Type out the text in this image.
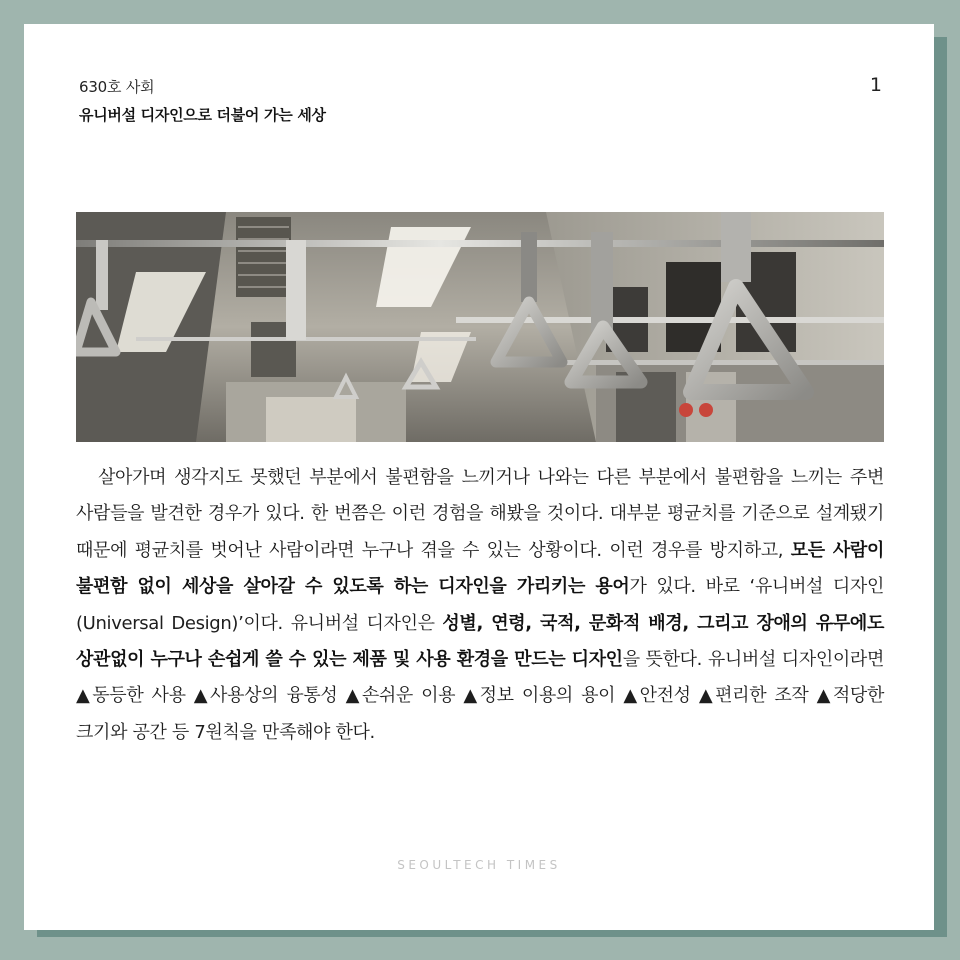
630호 사회
유니버설 디자인으로 더불어 가는 세상
1
살아가며 생각지도 못했던 부분에서 불편함을 느끼거나 나와는 다른 부분에서 불편함을 느끼는 주변 사람들을 발견한 경우가 있다. 한 번쯤은 이런 경험을 해봤을 것이다. 대부분 평균치를 기준으로 설계됐기 때문에 평균치를 벗어난 사람이라면 누구나 겪을 수 있는 상황이다. 이런 경우를 방지하고, 모든 사람이 불편함 없이 세상을 살아갈 수 있도록 하는 디자인을 가리키는 용어가 있다. 바로 ‘유니버설 디자인(Universal Design)’이다. 유니버설 디자인은 성별, 연령, 국적, 문화적 배경, 그리고 장애의 유무에도 상관없이 누구나 손쉽게 쓸 수 있는 제품 및 사용 환경을 만드는 디자인을 뜻한다. 유니버설 디자인이라면 ▲동등한 사용 ▲사용상의 융통성 ▲손쉬운 이용 ▲정보 이용의 용이 ▲안전성 ▲편리한 조작 ▲적당한 크기와 공간 등 7원칙을 만족해야 한다.
SEOULTECH TIMES
